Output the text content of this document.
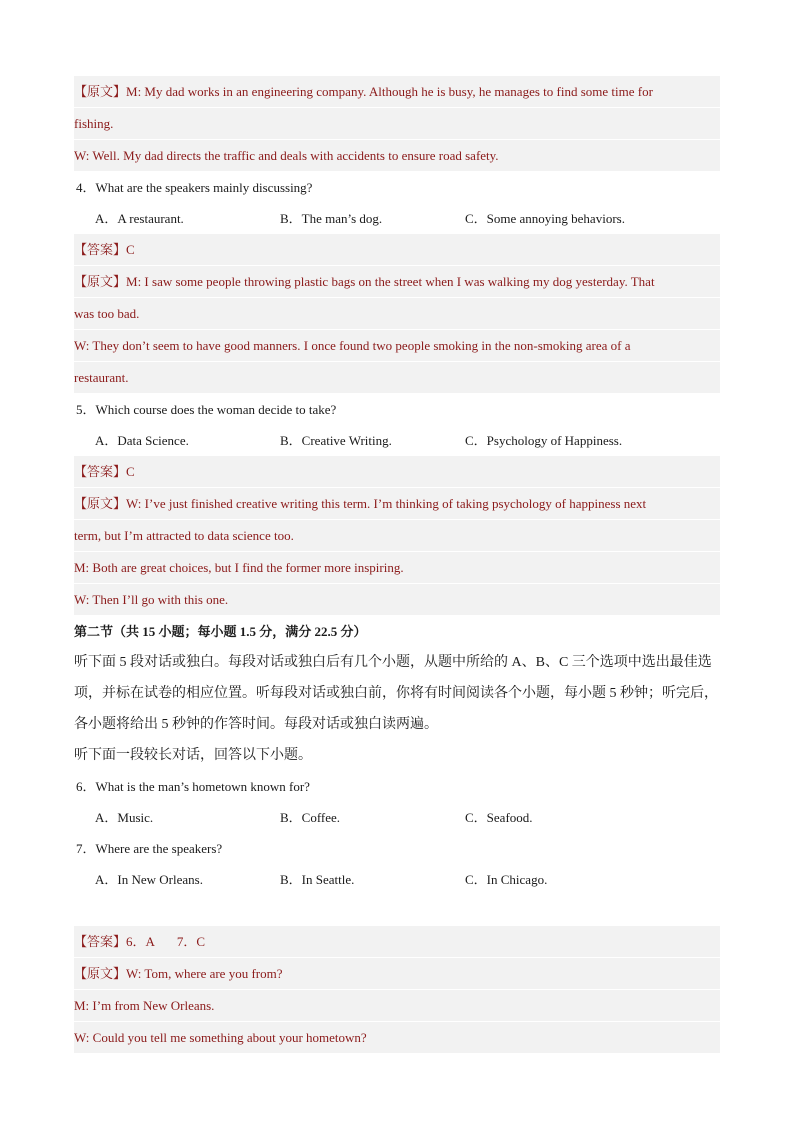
【原文】M: My dad works in an engineering company. Although he is busy, he manages to find some time for
fishing.
W: Well. My dad directs the traffic and deals with accidents to ensure road safety.
4．What are the speakers mainly discussing?
A．A restaurant.	B．The man’s dog.	C．Some annoying behaviors.
【答案】C
【原文】M: I saw some people throwing plastic bags on the street when I was walking my dog yesterday. That
was too bad.
W: They don’t seem to have good manners. I once found two people smoking in the non-smoking area of a
restaurant.
5．Which course does the woman decide to take?
A．Data Science.	B．Creative Writing.	C．Psychology of Happiness.
【答案】C
【原文】W: I’ve just finished creative writing this term. I’m thinking of taking psychology of happiness next
term, but I’m attracted to data science too.
M: Both are great choices, but I find the former more inspiring.
W: Then I’ll go with this one.
第二节（共 15 小题；每小题 1.5 分，满分 22.5 分）
听下面 5 段对话或独白。每段对话或独白后有几个小题，从题中所给的 A、B、C 三个选项中选出最佳选
项，并标在试卷的相应位置。听每段对话或独白前，你将有时间阅读各个小题，每小题 5 秒钟；听完后，
各小题将给出 5 秒钟的作答时间。每段对话或独白读两遍。
听下面一段较长对话，回答以下小题。
6．What is the man’s hometown known for?
A．Music.	B．Coffee.	C．Seafood.
7．Where are the speakers?
A．In New Orleans.	B．In Seattle.	C．In Chicago.
【答案】6．A       7．C
【原文】W: Tom, where are you from?
M: I’m from New Orleans.
W: Could you tell me something about your hometown?
